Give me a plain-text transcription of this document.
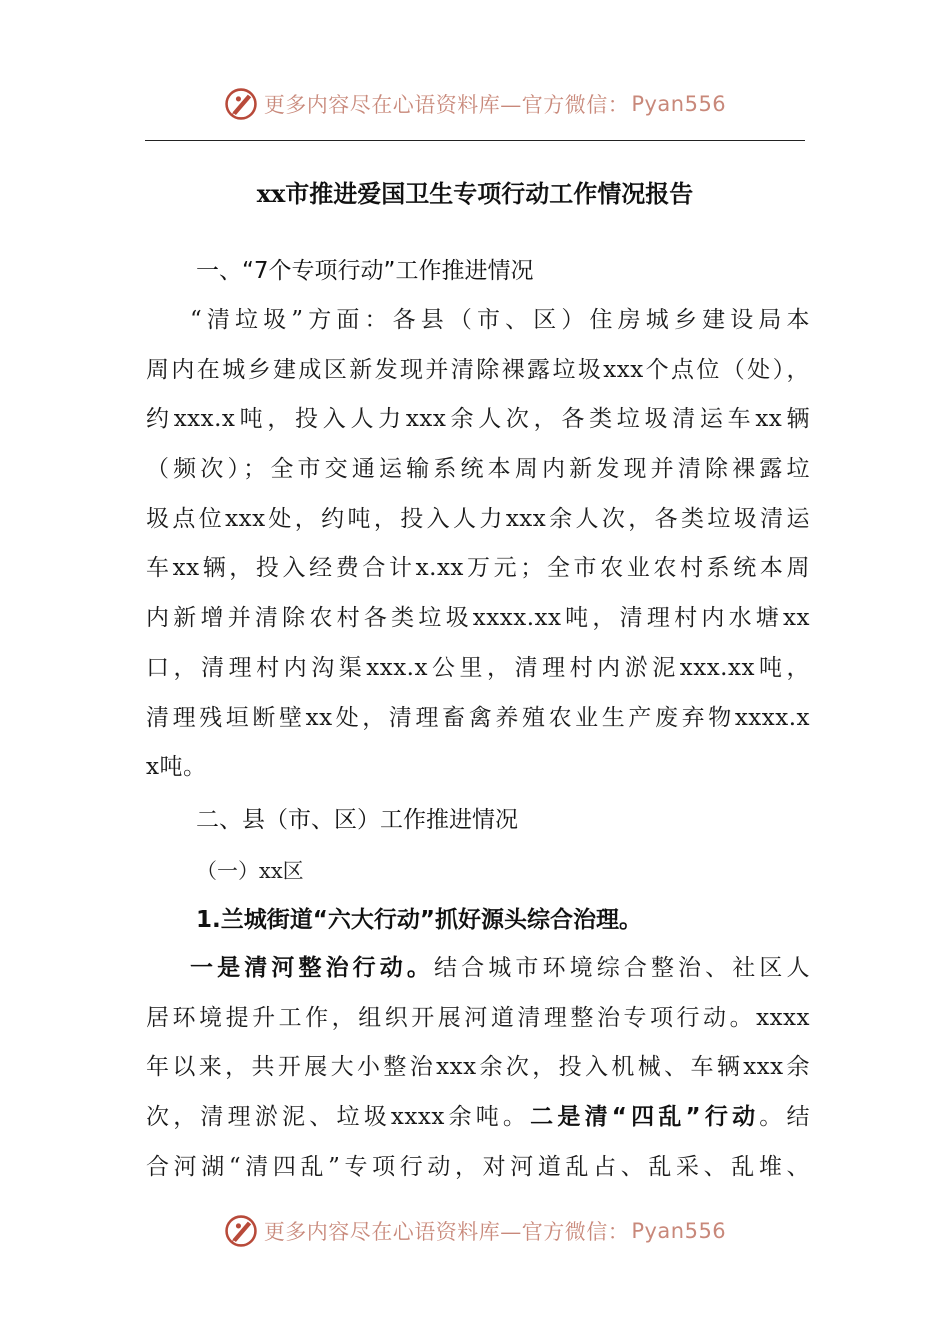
更多内容尽在心语资料库—官方微信： Pyan556
xx市推进爱国卫生专项行动工作情况报告
一、“7个专项行动”工作推进情况
“清垃圾”方面：各县（市、区）住房城乡建设局本
周内在城乡建成区新发现并清除裸露垃圾xxx个点位（处），
约xxx.x吨，投入人力xxx余人次，各类垃圾清运车xx辆
（频次）；全市交通运输系统本周内新发现并清除裸露垃
圾点位xxx处，约吨，投入人力xxx余人次，各类垃圾清运
车xx辆，投入经费合计x.xx万元；全市农业农村系统本周
内新增并清除农村各类垃圾xxxx.xx吨，清理村内水塘xx
口，清理村内沟渠xxx.x公里，清理村内淤泥xxx.xx吨，
清理残垣断壁xx处，清理畜禽养殖农业生产废弃物xxxx.x
x吨。
二、县（市、区）工作推进情况
（一）xx区
1.兰城街道“六大行动”抓好源头综合治理。
一是清河整治行动。结合城市环境综合整治、社区人
居环境提升工作，组织开展河道清理整治专项行动。xxxx
年以来，共开展大小整治xxx余次，投入机械、车辆xxx余
次，清理淤泥、垃圾xxxx余吨。二是清“四乱”行动。结
合河湖“清四乱”专项行动，对河道乱占、乱采、乱堆、
更多内容尽在心语资料库—官方微信： Pyan556
